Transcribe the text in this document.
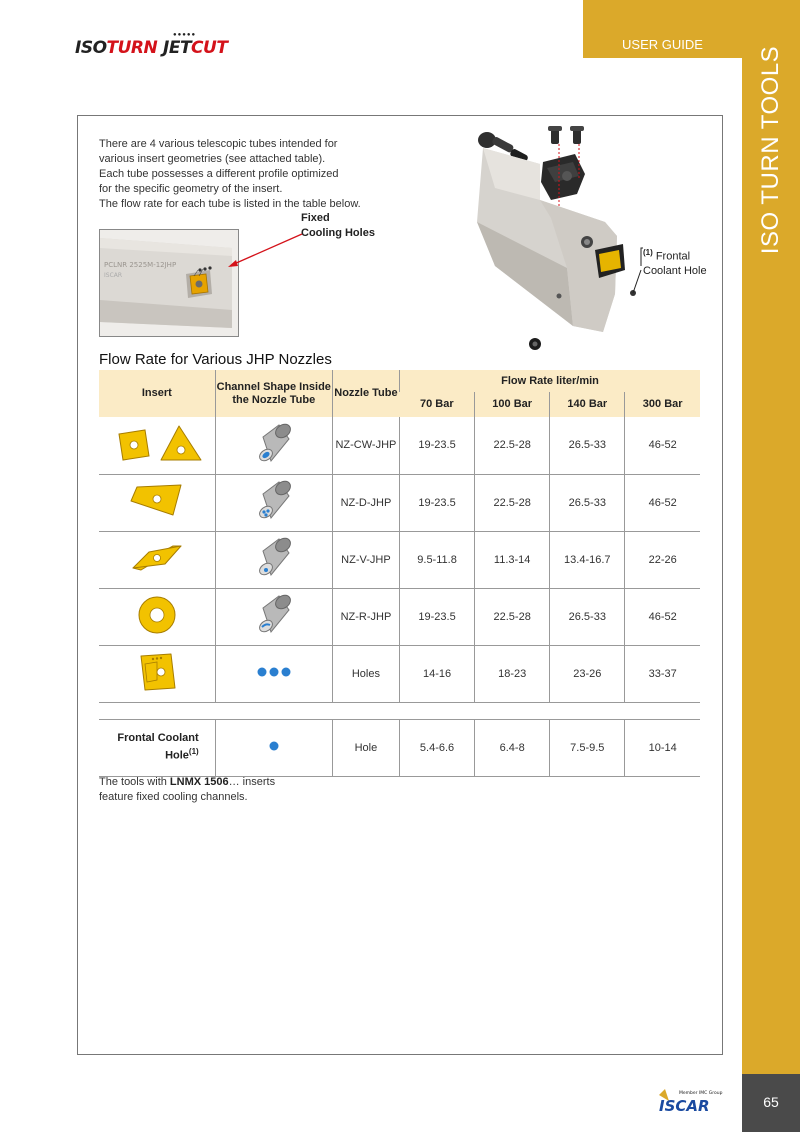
ISO TURN TOOLS
USER GUIDE
65
ISOTURN
●●●●●
JETCUT
There are 4 various telescopic tubes intended for
various insert geometries (see attached table).
Each tube possesses a different profile optimized
for the specific geometry of the insert.
The flow rate for each tube is listed in the table below.
Fixed
Cooling Holes
PCLNR 2525M-12JHP
ISCAR
$^{(1)}$ Frontal
Coolant Hole
Flow Rate for Various JHP Nozzles
Insert	Channel Shape Inside the Nozzle Tube	Nozzle Tube	Flow Rate liter/min			
			70 Bar	100 Bar	140 Bar	300 Bar
		NZ-CW-JHP	19-23.5	22.5-28	26.5-33	46-52
		NZ-D-JHP	19-23.5	22.5-28	26.5-33	46-52
		NZ-V-JHP	9.5-11.8	11.3-14	13.4-16.7	22-26
		NZ-R-JHP	19-23.5	22.5-28	26.5-33	46-52
		Holes	14-16	18-23	23-26	33-37

Frontal Coolant Hole$^{(1)}$		Hole	5.4-6.6	6.4-8	7.5-9.5	10-14
The tools with LNMX 1506… inserts
feature fixed cooling channels.
Member IMC Group
ISCAR
